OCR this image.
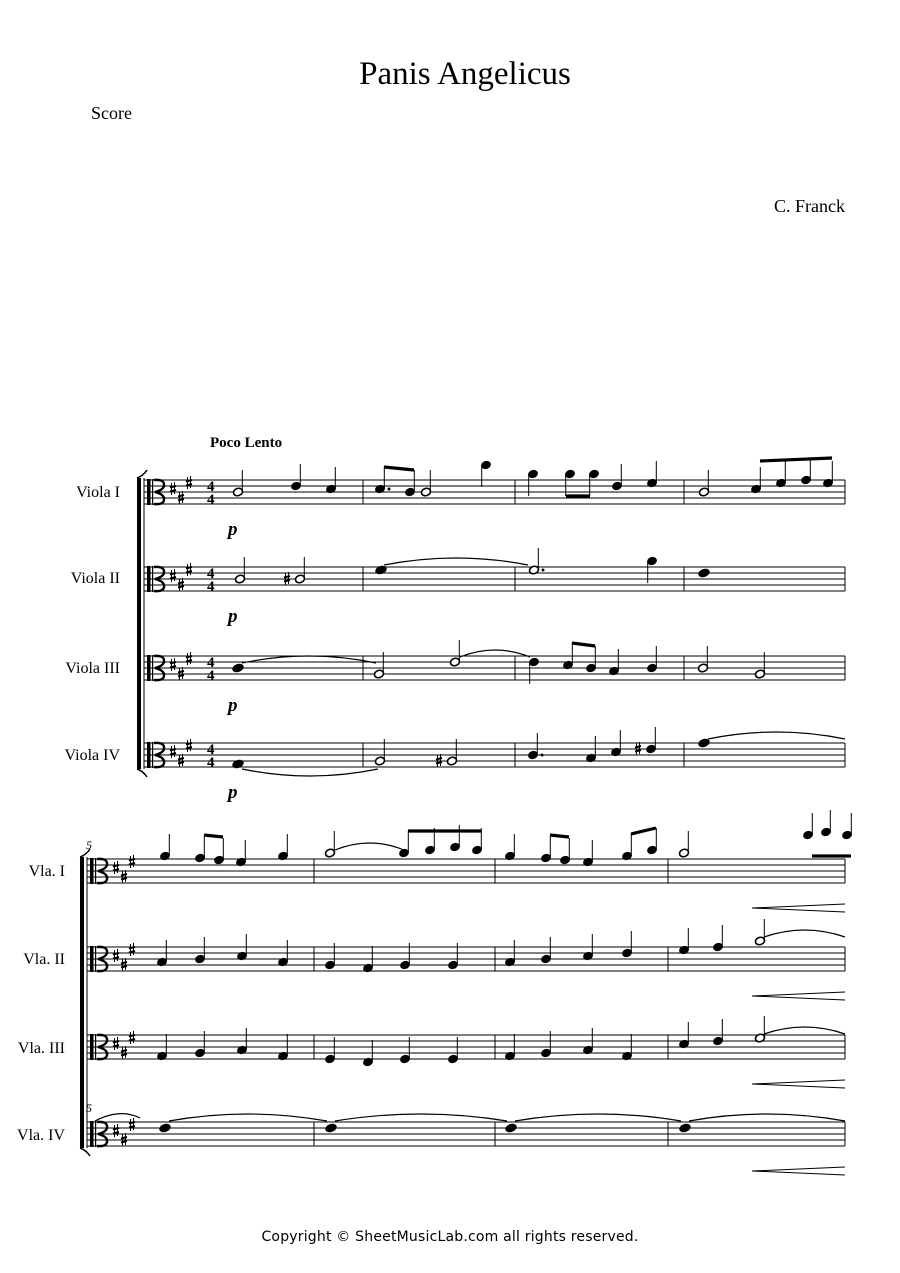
Panis Angelicus
Score
C. Franck
Poco Lento
Viola I
Viola II
Viola III
Viola IV
Vla. I
Vla. II
Vla. III
Vla. IV
4
4
p
4
4
p
4
4
p
4
4
p
5
5
Copyright © SheetMusicLab.com all rights reserved.
